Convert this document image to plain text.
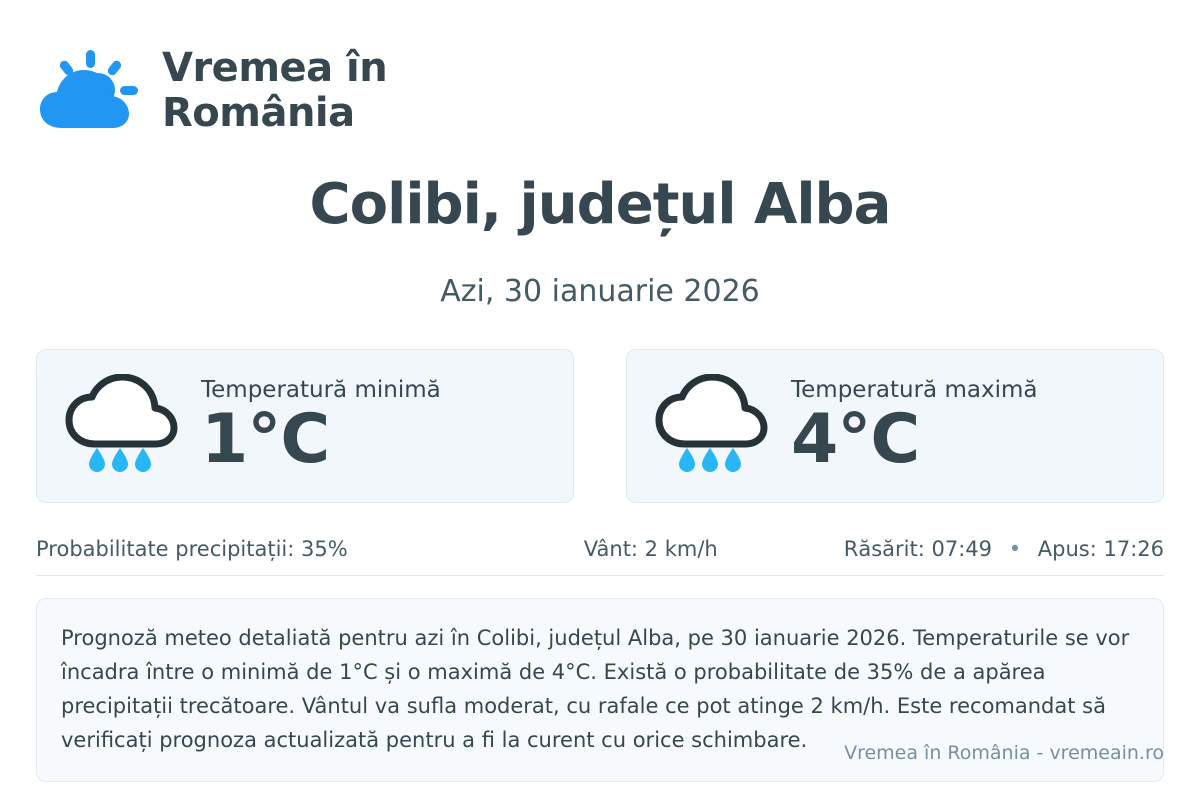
Vremea în
România
Colibi, județul Alba
Azi, 30 ianuarie 2026
Temperatură minimă
1°C
Temperatură maximă
4°C
Probabilitate precipitații: 35%	Vânt: 2 km/h	Răsărit: 07:49 • Apus: 17:26
Prognoză meteo detaliată pentru azi în Colibi, județul Alba, pe 30 ianuarie 2026. Temperaturile se vor încadra între o minimă de 1°C și o maximă de 4°C. Există o probabilitate de 35% de a apărea precipitații trecătoare. Vântul va sufla moderat, cu rafale ce pot atinge 2 km/h. Este recomandat să verificați prognoza actualizată pentru a fi la curent cu orice schimbare.
Vremea în România - vremeain.ro
